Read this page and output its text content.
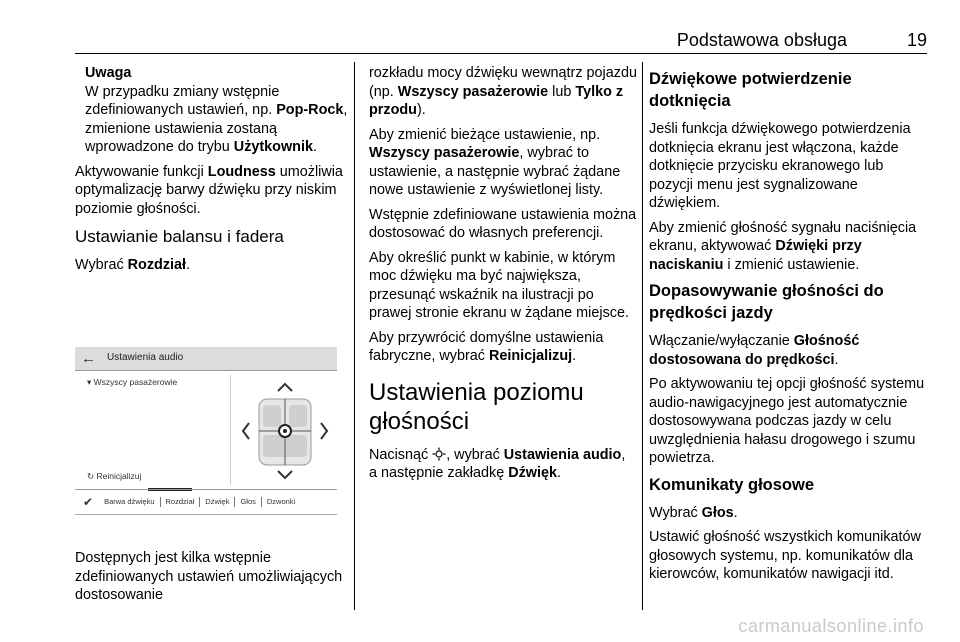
Podstawowa obsługa	19
Uwaga
W przypadku zmiany wstępnie zdefiniowanych ustawień, np. Pop-Rock, zmienione ustawienia zostaną wprowadzone do trybu Użytkownik.

Aktywowanie funkcji Loudness umożliwia optymalizację barwy dźwięku przy niskim poziomie głośności.

Ustawianie balansu i fadera

Wybrać Rozdział.

← Ustawienia audio
▾ Wszyscy pasażerowie
↻ Reinicjalizuj
✔	Barwa dźwięku	Rozdział	Dźwięk	Głos	Dzwonki
Dostępnych jest kilka wstępnie zdefiniowanych ustawień umożliwiających dostosowanie

rozkładu mocy dźwięku wewnątrz pojazdu (np. Wszyscy pasażerowie lub Tylko z przodu).

Aby zmienić bieżące ustawienie, np. Wszyscy pasażerowie, wybrać to ustawienie, a następnie wybrać żądane nowe ustawienie z wyświetlonej listy.

Wstępnie zdefiniowane ustawienia można dostosować do własnych preferencji.

Aby określić punkt w kabinie, w którym moc dźwięku ma być największa, przesunąć wskaźnik na ilustracji po prawej stronie ekranu w żądane miejsce.

Aby przywrócić domyślne ustawienia fabryczne, wybrać Reinicjalizuj.

Ustawienia poziomu głośności

Nacisnąć , wybrać Ustawienia audio, a następnie zakładkę Dźwięk.

Dźwiękowe potwierdzenie dotknięcia

Jeśli funkcja dźwiękowego potwierdzenia dotknięcia ekranu jest włączona, każde dotknięcie przycisku ekranowego lub pozycji menu jest sygnalizowane dźwiękiem.

Aby zmienić głośność sygnału naciśnięcia ekranu, aktywować Dźwięki przy naciskaniu i zmienić ustawienie.

Dopasowywanie głośności do prędkości jazdy

Włączanie/wyłączanie Głośność dostosowana do prędkości.

Po aktywowaniu tej opcji głośność systemu audio-nawigacyjnego jest automatycznie dostosowywana podczas jazdy w celu uwzględnienia hałasu drogowego i szumu powietrza.

Komunikaty głosowe

Wybrać Głos.

Ustawić głośność wszystkich komunikatów głosowych systemu, np. komunikatów dla kierowców, komunikatów nawigacji itd.

carmanualsonline.info
